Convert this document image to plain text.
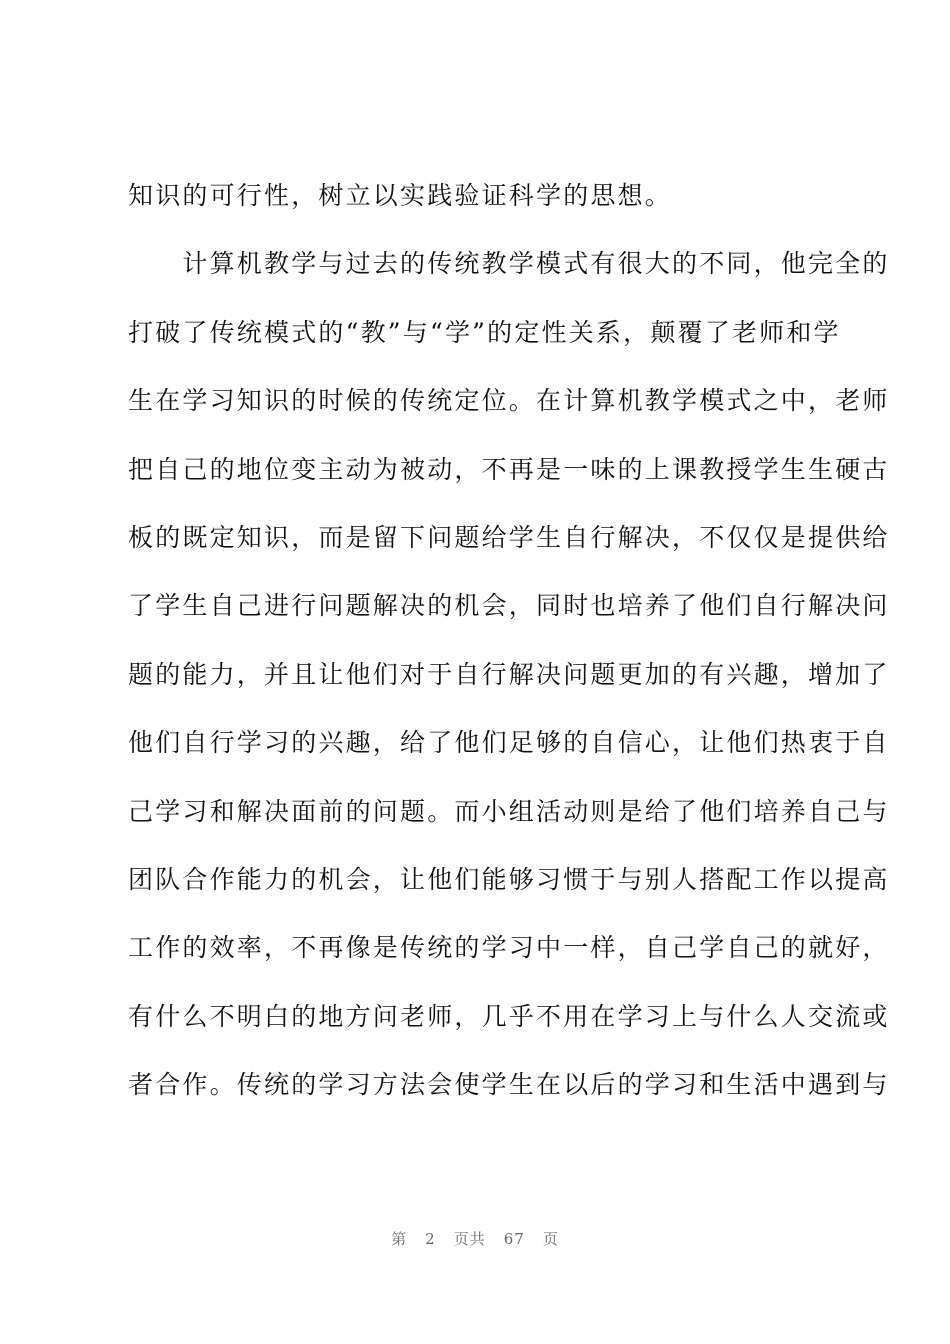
知识的可行性，树立以实践验证科学的思想。
　　计算机教学与过去的传统教学模式有很大的不同，他完全的
打破了传统模式的“教”与“学”的定性关系，颠覆了老师和学
生在学习知识的时候的传统定位。在计算机教学模式之中，老师
把自己的地位变主动为被动，不再是一味的上课教授学生生硬古
板的既定知识，而是留下问题给学生自行解决，不仅仅是提供给
了学生自己进行问题解决的机会，同时也培养了他们自行解决问
题的能力，并且让他们对于自行解决问题更加的有兴趣，增加了
他们自行学习的兴趣，给了他们足够的自信心，让他们热衷于自
己学习和解决面前的问题。而小组活动则是给了他们培养自己与
团队合作能力的机会，让他们能够习惯于与别人搭配工作以提高
工作的效率，不再像是传统的学习中一样，自己学自己的就好，
有什么不明白的地方问老师，几乎不用在学习上与什么人交流或
者合作。传统的学习方法会使学生在以后的学习和生活中遇到与
第 2 页共 67 页
